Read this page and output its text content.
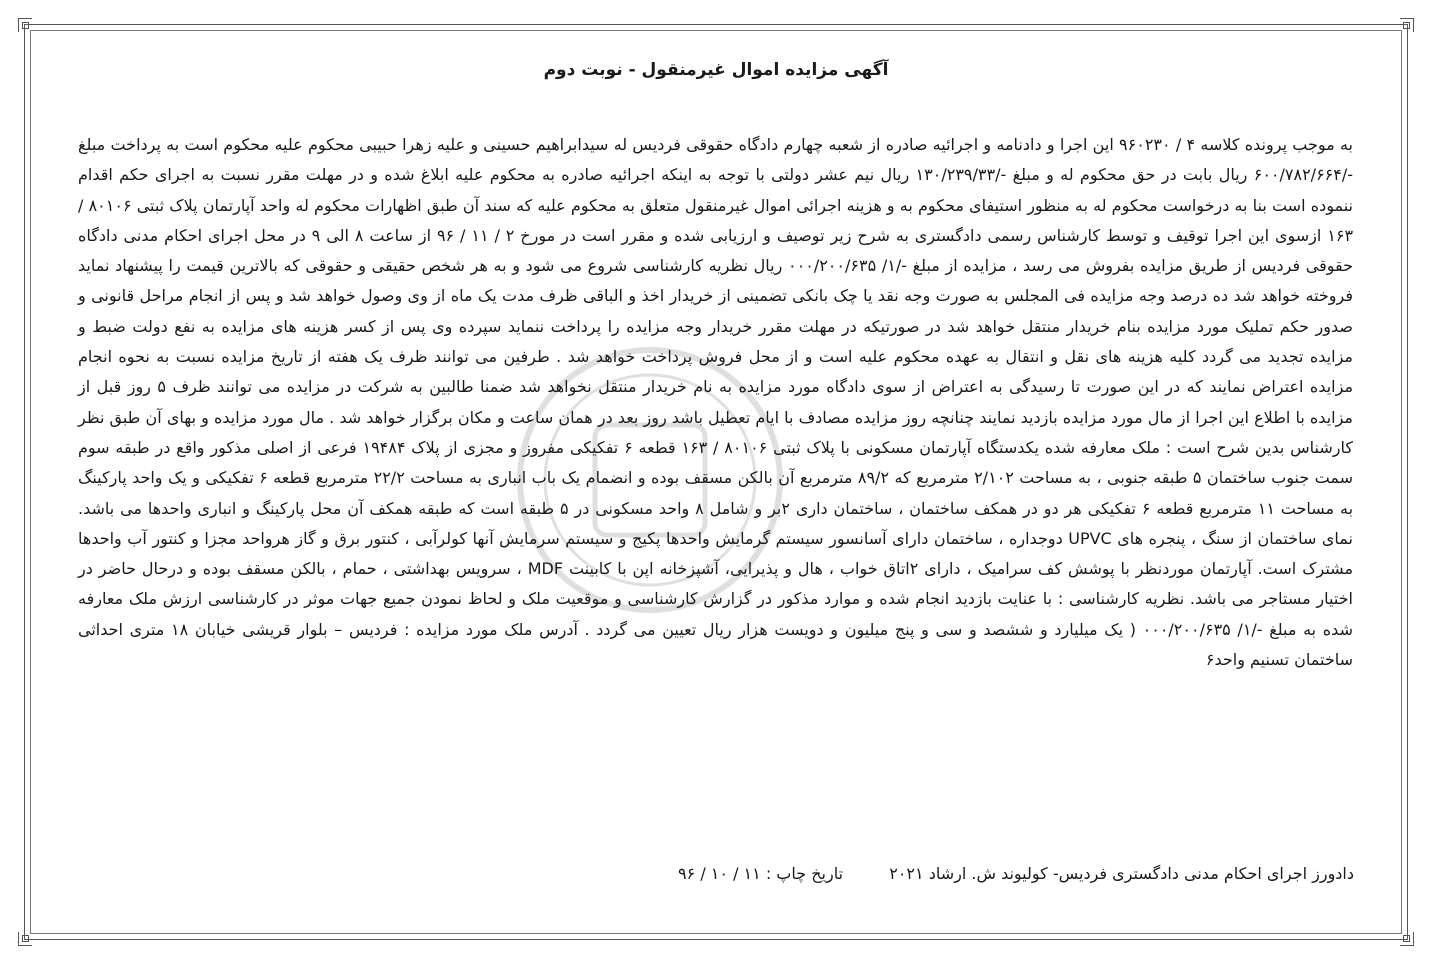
آگهی مزایده اموال غیرمنقول - نوبت دوم

به موجب پرونده کلاسه ۴ / ۹۶۰۲۳۰ این اجرا و دادنامه و اجرائیه صادره از شعبه چهارم دادگاه حقوقی فردیس له سیدابراهیم حسینی و علیه زهرا حبیبی محکوم علیه محکوم است به پرداخت مبلغ -/۶۰۰/۷۸۲/۶۶۴ ریال بابت در حق محکوم له و مبلغ -/۱۳۰/۲۳۹/۳۳ ریال نیم عشر دولتی با توجه به اینکه اجرائیه صادره به محکوم علیه ابلاغ شده و در مهلت مقرر نسبت به اجرای حکم اقدام ننموده است بنا به درخواست محکوم له به منظور استیفای محکوم به و هزینه اجرائی اموال غیرمنقول متعلق به محکوم علیه که سند آن طبق اظهارات محکوم له واحد آپارتمان پلاک ثبتی ۸۰۱۰۶ / ۱۶۳ ازسوی این اجرا توقیف و توسط کارشناس رسمی دادگستری به شرح زیر توصیف و ارزیابی شده و مقرر است در مورخ ۲ / ۱۱ / ۹۶ از ساعت ۸ الی ۹ در محل اجرای احکام مدنی دادگاه حقوقی فردیس از طریق مزایده بفروش می رسد ، مزایده از مبلغ -/۱/ ۰۰۰/۲۰۰/۶۳۵ ریال نظریه کارشناسی شروع می شود و به هر شخص حقیقی و حقوقی که بالاترین قیمت را پیشنهاد نماید فروخته خواهد شد ده درصد وجه مزایده فی المجلس به صورت وجه نقد یا چک بانکی تضمینی از خریدار اخذ و الباقی ظرف مدت یک ماه از وی وصول خواهد شد و پس از انجام مراحل قانونی و صدور حکم تملیک مورد مزایده بنام خریدار منتقل خواهد شد در صورتیکه در مهلت مقرر خریدار وجه مزایده را پرداخت ننماید سپرده وی پس از کسر هزینه های مزایده به نفع دولت ضبط و مزایده تجدید می گردد کلیه هزینه های نقل و انتقال به عهده محکوم علیه است و از محل فروش پرداخت خواهد شد . طرفین می توانند ظرف یک هفته از تاریخ مزایده نسبت به نحوه انجام مزایده اعتراض نمایند که در این صورت تا رسیدگی به اعتراض از سوی دادگاه مورد مزایده به نام خریدار منتقل نخواهد شد ضمنا طالبین به شرکت در مزایده می توانند ظرف ۵ روز قبل از مزایده با اطلاع این اجرا از مال مورد مزایده بازدید نمایند چنانچه روز مزایده مصادف با ایام تعطیل باشد روز بعد در همان ساعت و مکان برگزار خواهد شد . مال مورد مزایده و بهای آن طبق نظر کارشناس بدین شرح است : ملک معارفه شده یکدستگاه آپارتمان مسکونی با پلاک ثبتی ۸۰۱۰۶ / ۱۶۳ قطعه ۶ تفکیکی مفروز و مجزی از پلاک ۱۹۴۸۴ فرعی از اصلی مذکور واقع در طبقه سوم سمت جنوب ساختمان ۵ طبقه جنوبی ، به مساحت ۲/۱۰۲ مترمربع که ۸۹/۲ مترمربع آن بالکن مسقف بوده و انضمام یک باب انباری به مساحت ۲۲/۲ مترمربع قطعه ۶ تفکیکی و یک واحد پارکینگ به مساحت ۱۱ مترمربع قطعه ۶ تفکیکی هر دو در همکف ساختمان ، ساختمان داری ۲بر و شامل ۸ واحد مسکونی در ۵ طبقه است که طبقه همکف آن محل پارکینگ و انباری واحدها می باشد. نمای ساختمان از سنگ ، پنجره های UPVC دوجداره ، ساختمان دارای آسانسور سیستم گرمایش واحدها پکیج و سیستم سرمایش آنها کولرآبی ، کنتور برق و گاز هرواحد مجزا و کنتور آب واحدها مشترک است. آپارتمان مورد‌نظر با پوشش کف سرامیک ، دارای ۲اتاق خواب ، هال و پذیرایی، آشپزخانه اپن با کابینت MDF ، سرویس بهداشتی ، حمام ، بالکن مسقف بوده و درحال حاضر در اختیار مستاجر می باشد. نظریه کارشناسی : با عنایت بازدید انجام شده و موارد مذکور در گزارش کارشناسی و موقعیت ملک و لحاظ نمودن جمیع جهات موثر در کارشناسی ارزش ملک معارفه شده به مبلغ -/۱/ ۰۰۰/۲۰۰/۶۳۵ ( یک میلیارد و ششصد و سی و پنج میلیون و دویست هزار ریال تعیین می گردد . آدرس ملک مورد مزایده : فردیس – بلوار قریشی خیابان ۱۸ متری احداثی ساختمان تسنیم واحد۶

دادورز اجرای احکام مدنی دادگستری فردیس- کولیوند ش. ارشاد ۲۰۲۱  تاریخ چاپ : ۱۱ / ۱۰ / ۹۶
